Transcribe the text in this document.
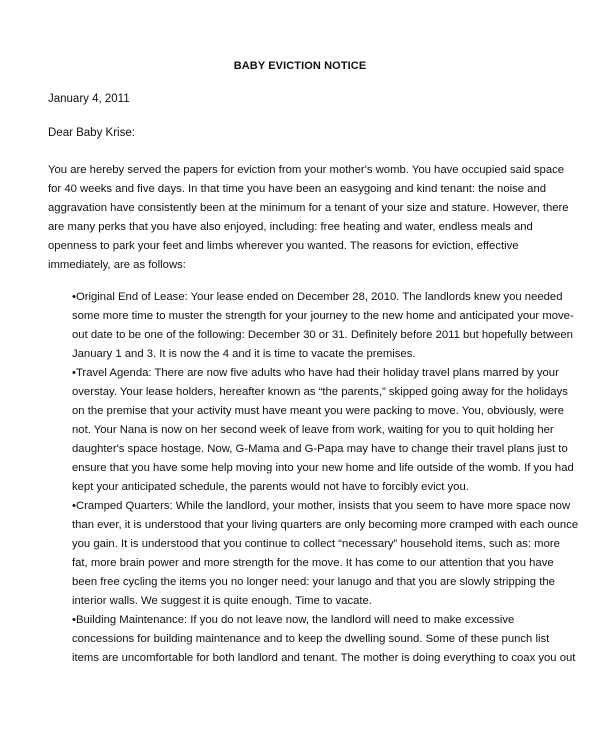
BABY EVICTION NOTICE
January 4, 2011
Dear Baby Krise:

You are hereby served the papers for eviction from your mother's womb. You have occupied said space
for 40 weeks and five days. In that time you have been an easygoing and kind tenant: the noise and
aggravation have consistently been at the minimum for a tenant of your size and stature. However, there
are many perks that you have also enjoyed, including: free heating and water, endless meals and
openness to park your feet and limbs wherever you wanted. The reasons for eviction, effective
immediately, are as follows:

•Original End of Lease: Your lease ended on December 28, 2010. The landlords knew you needed
some more time to muster the strength for your journey to the new home and anticipated your move-
out date to be one of the following: December 30 or 31. Definitely before 2011 but hopefully between
January 1 and 3. It is now the 4 and it is time to vacate the premises.
•Travel Agenda: There are now five adults who have had their holiday travel plans marred by your
overstay. Your lease holders, hereafter known as “the parents,” skipped going away for the holidays
on the premise that your activity must have meant you were packing to move. You, obviously, were
not. Your Nana is now on her second week of leave from work, waiting for you to quit holding her
daughter's space hostage. Now, G-Mama and G-Papa may have to change their travel plans just to
ensure that you have some help moving into your new home and life outside of the womb. If you had
kept your anticipated schedule, the parents would not have to forcibly evict you.
•Cramped Quarters: While the landlord, your mother, insists that you seem to have more space now
than ever, it is understood that your living quarters are only becoming more cramped with each ounce
you gain. It is understood that you continue to collect “necessary” household items, such as: more
fat, more brain power and more strength for the move. It has come to our attention that you have
been free cycling the items you no longer need: your lanugo and that you are slowly stripping the
interior walls. We suggest it is quite enough. Time to vacate.
•Building Maintenance: If you do not leave now, the landlord will need to make excessive
concessions for building maintenance and to keep the dwelling sound. Some of these punch list
items are uncomfortable for both landlord and tenant. The mother is doing everything to coax you out
